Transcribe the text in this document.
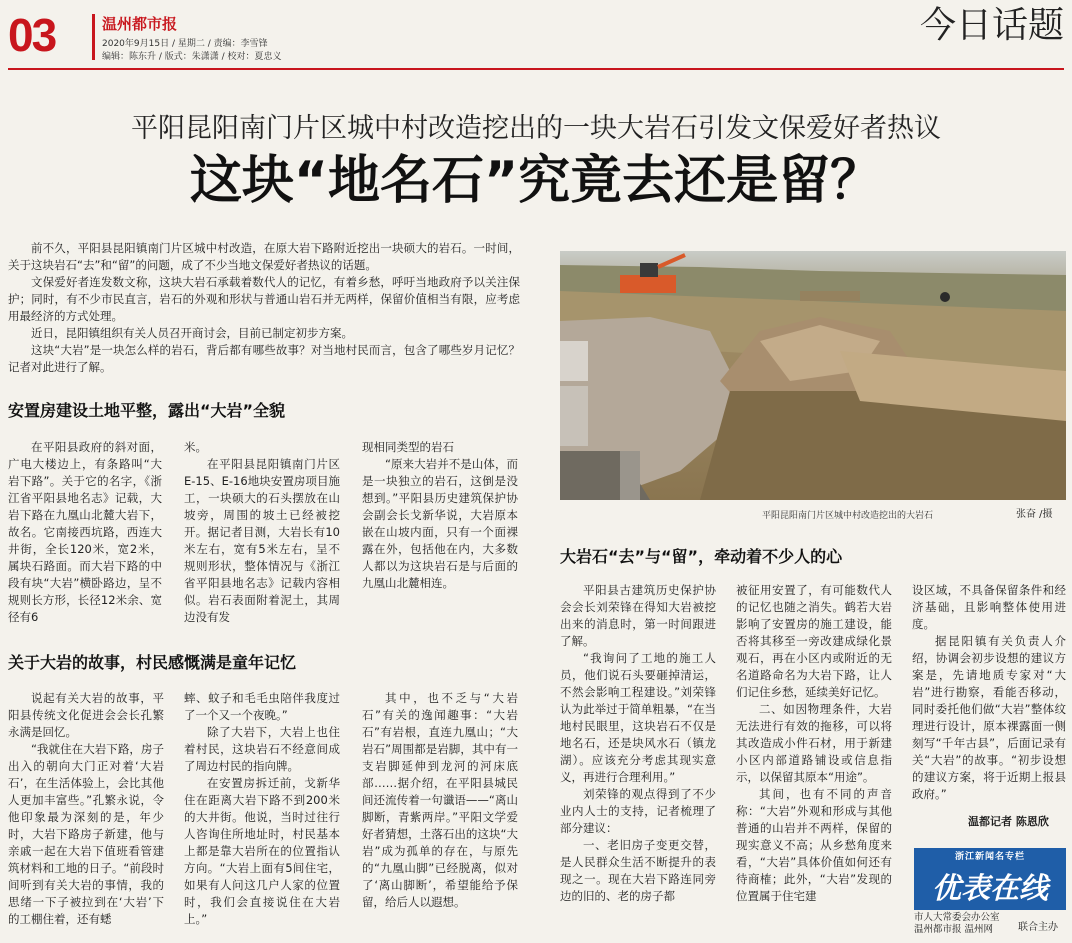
03	温州都市报
2020年9月15日 / 星期二 / 责编：李雪锋
编辑：陈东升 / 版式：朱潇潇 / 校对：夏忠义
今日话题
平阳昆阳南门片区城中村改造挖出的一块大岩石引发文保爱好者热议
这块“地名石”究竟去还是留？

前不久，平阳县昆阳镇南门片区城中村改造，在原大岩下路附近挖出一块硕大的岩石。一时间，关于这块岩石“去”和“留”的问题，成了不少当地文保爱好者热议的话题。

文保爱好者连发数文称，这块大岩石承载着数代人的记忆，有着乡愁，呼吁当地政府予以关注保护；同时，有不少市民直言，岩石的外观和形状与普通山岩石并无两样，保留价值相当有限，应考虑用最经济的方式处理。

近日，昆阳镇组织有关人员召开商讨会，目前已制定初步方案。

这块“大岩”是一块怎么样的岩石，背后都有哪些故事？对当地村民而言，包含了哪些岁月记忆？记者对此进行了解。

安置房建设土地平整，露出“大岩”全貌

在平阳县政府的斜对面，广电大楼边上，有条路叫“大岩下路”。关于它的名字，《浙江省平阳县地名志》记载，大岩下路在九凰山北麓大岩下，故名。它南接西坑路，西连大井街，全长120米，宽2米，属块石路面。而大岩下路的中段有块“大岩”横卧路边，呈不规则长方形，长径12米余、宽径有6

米。

在平阳县昆阳镇南门片区E-15、E-16地块安置房项目施工，一块硕大的石头摆放在山坡旁，周围的坡土已经被挖开。据记者目测，大岩长有10米左右，宽有5米左右，呈不规则形状，整体情况与《浙江省平阳县地名志》记载内容相似。岩石表面附着泥土，其周边没有发

现相同类型的岩石

“原来大岩并不是山体，而是一块独立的岩石，这倒是没想到。”平阳县历史建筑保护协会副会长戈新华说，大岩原本嵌在山坡内面，只有一个面裸露在外，包括他在内，大多数人都以为这块岩石是与后面的九凰山北麓相连。

关于大岩的故事，村民感慨满是童年记忆

说起有关大岩的故事，平阳县传统文化促进会会长孔繁永满是回忆。

“我就住在大岩下路，房子出入的朝向大门正对着‘大岩石’，在生活体验上，会比其他人更加丰富些。”孔繁永说，令他印象最为深刻的是，年少时，大岩下路房子新建，他与亲戚一起在大岩下值班看管建筑材料和工地的日子。“前段时间听到有关大岩的事情，我的思绪一下子被拉到在‘大岩’下的工棚住着，还有蟋

蟀、蚊子和毛毛虫陪伴我度过了一个又一个夜晚。”

除了大岩下，大岩上也住着村民，这块岩石不经意间成了周边村民的指向牌。

在安置房拆迁前，戈新华住在距离大岩下路不到200米的大井街。他说，当时过往行人咨询住所地址时，村民基本上都是靠大岩所在的位置指认方向。“大岩上面有5间住宅，如果有人问这几户人家的位置时，我们会直接说住在大岩上。”

其中，也不乏与“大岩石”有关的逸闻趣事：“大岩石”有岩根，直连九凰山；“大岩石”周围都是岩脚，其中有一支岩脚延伸到龙河的河床底部……据介绍，在平阳县城民间还流传着一句谶语——“离山脚断，青紫两岸。”平阳文学爱好者猜想，土落石出的这块“大岩”成为孤单的存在，与原先的“九凰山脚”已经脱离，似对了‘离山脚断’，希望能给予保留，给后人以遐想。

平阳昆阳南门片区城中村改造挖出的大岩石	张奋 /摄
大岩石“去”与“留”，牵动着不少人的心

平阳县古建筑历史保护协会会长刘荣锋在得知大岩被挖出来的消息时，第一时间跟进了解。

“我询问了工地的施工人员，他们说石头要砸掉清运，不然会影响工程建设。”刘荣锋认为此举过于简单粗暴，“在当地村民眼里，这块岩石不仅是地名石，还是块风水石（镇龙湖）。应该充分考虑其现实意义，再进行合理利用。”

刘荣锋的观点得到了不少业内人士的支持，记者梳理了部分建议：

一、老旧房子变更交替，是人民群众生活不断提升的表现之一。现在大岩下路连同旁边的旧的、老的房子都

被征用安置了，有可能数代人的记忆也随之消失。鹤若大岩影响了安置房的施工建设，能否将其移至一旁改建成绿化景观石，再在小区内或附近的无名道路命名为大岩下路，让人们记住乡愁，延续美好记忆。

二、如因物理条件，大岩无法进行有效的拖移，可以将其改造成小件石材，用于新建小区内部道路铺设或信息指示，以保留其原本“用途”。

其间，也有不同的声音称：“大岩”外观和形成与其他普通的山岩并不两样，保留的现实意义不高；从乡愁角度来看，“大岩”具体价值如何还有待商榷；此外，“大岩”发现的位置属于住宅建

设区域，不具备保留条件和经济基础，且影响整体使用进度。

据昆阳镇有关负责人介绍，协调会初步设想的建议方案是，先请地质专家对“大岩”进行勘察，看能否移动，同时委托他们做“大岩”整体纹理进行设计，原本裸露面一侧刻写“千年古县”，后面记录有关“大岩”的故事。“初步设想的建议方案，将于近期上报县政府。”

温都记者 陈恩欣
浙江新闻名专栏
优表在线
市人大常委会办公室
温州都市报 温州网	联合主办
